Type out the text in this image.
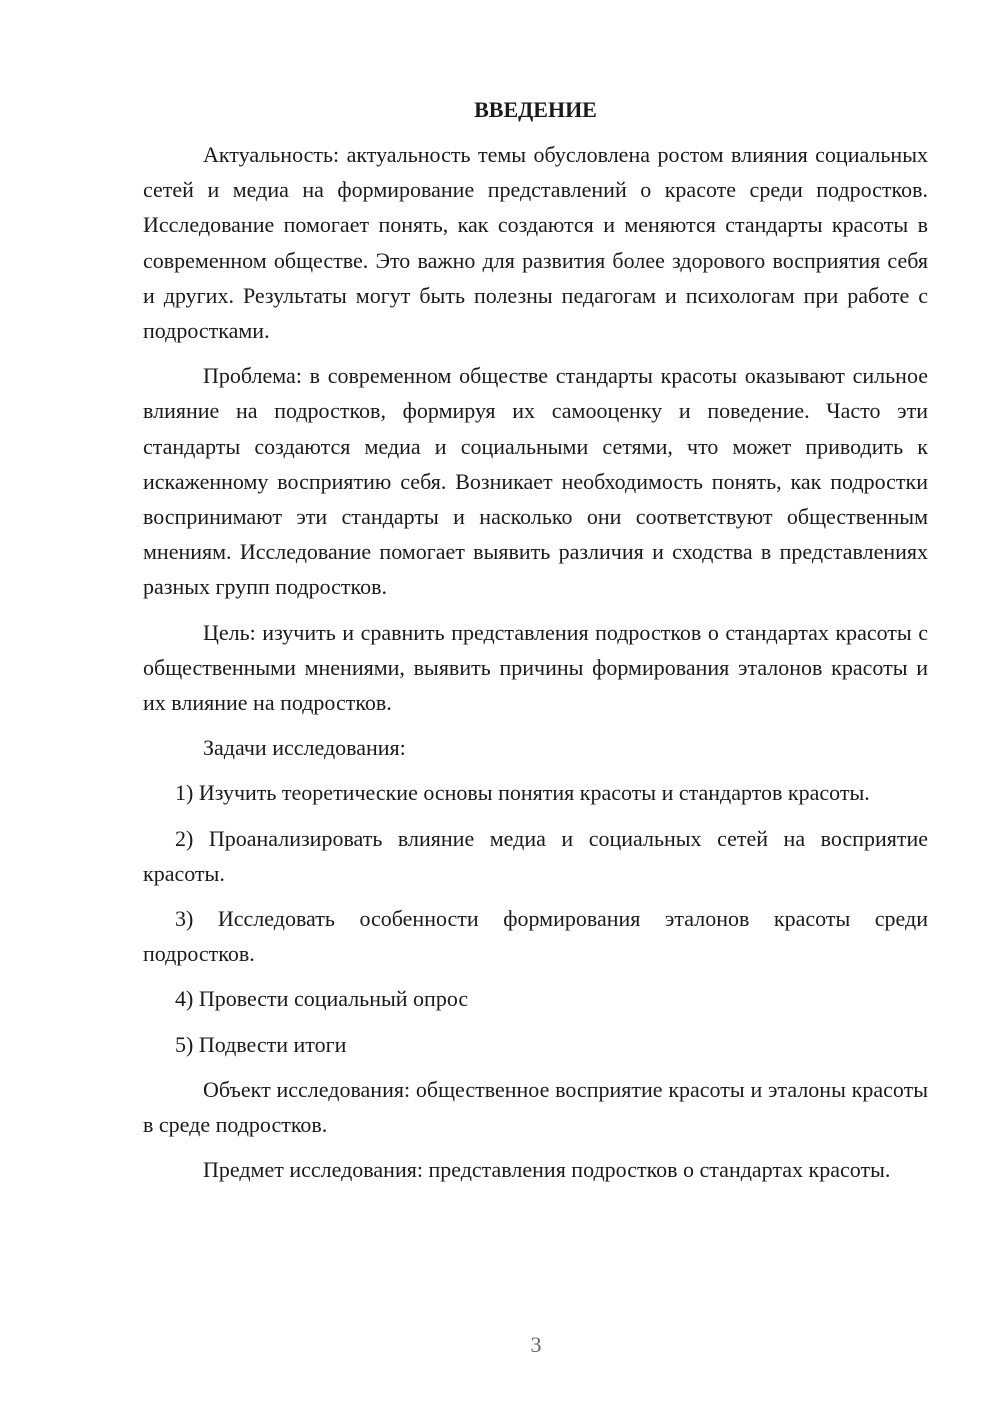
ВВЕДЕНИЕ

Актуальность: актуальность темы обусловлена ростом влияния социальных сетей и медиа на формирование представлений о красоте среди подростков. Исследование помогает понять, как создаются и меняются стандарты красоты в современном обществе. Это важно для развития более здорового восприятия себя и других. Результаты могут быть полезны педагогам и психологам при работе с подростками.

Проблема: в современном обществе стандарты красоты оказывают сильное влияние на подростков, формируя их самооценку и поведение. Часто эти стандарты создаются медиа и социальными сетями, что может приводить к искаженному восприятию себя. Возникает необходимость понять, как подростки воспринимают эти стандарты и насколько они соответствуют общественным мнениям. Исследование помогает выявить различия и сходства в представлениях разных групп подростков.

Цель: изучить и сравнить представления подростков о стандартах красоты с общественными мнениями, выявить причины формирования эталонов красоты и их влияние на подростков.

Задачи исследования:

1) Изучить теоретические основы понятия красоты и стандартов красоты.

2) Проанализировать влияние медиа и социальных сетей на восприятие красоты.

3) Исследовать особенности формирования эталонов красоты среди подростков.

4) Провести социальный опрос

5) Подвести итоги

Объект исследования: общественное восприятие красоты и эталоны красоты в среде подростков.

Предмет исследования: представления подростков о стандартах красоты.

3
